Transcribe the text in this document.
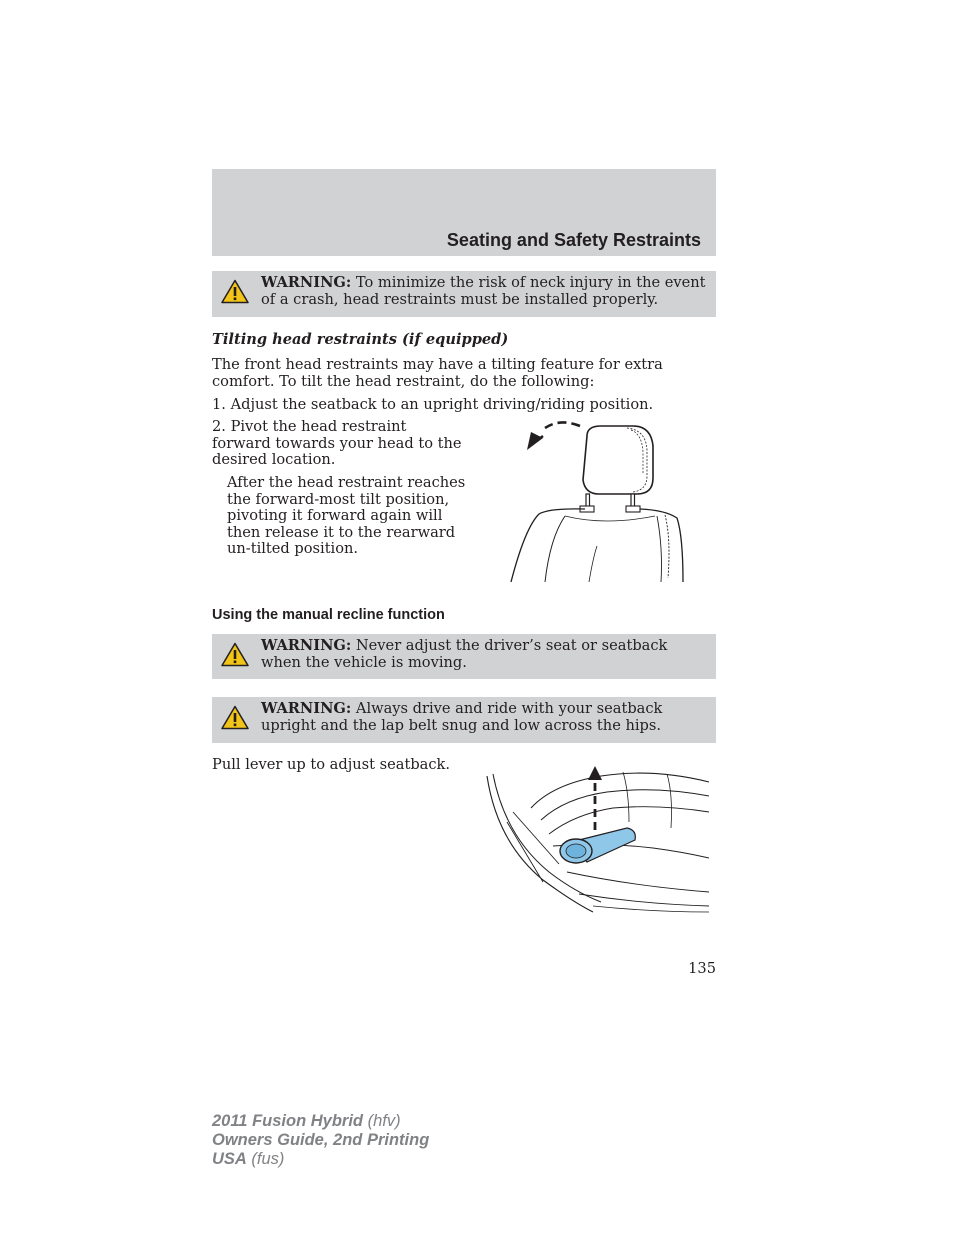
Seating and Safety Restraints
WARNING: To minimize the risk of neck injury in the event of a crash, head restraints must be installed properly.
Tilting head restraints (if equipped)
The front head restraints may have a tilting feature for extra comfort. To tilt the head restraint, do the following:
1. Adjust the seatback to an upright driving/riding position.
2. Pivot the head restraint forward towards your head to the desired location.
After the head restraint reaches the forward-most tilt position, pivoting it forward again will then release it to the rearward un-tilted position.
Using the manual recline function
WARNING: Never adjust the driver’s seat or seatback when the vehicle is moving.
WARNING: Always drive and ride with your seatback upright and the lap belt snug and low across the hips.
Pull lever up to adjust seatback.
135
2011 Fusion Hybrid (hfv)
Owners Guide, 2nd Printing
USA (fus)
